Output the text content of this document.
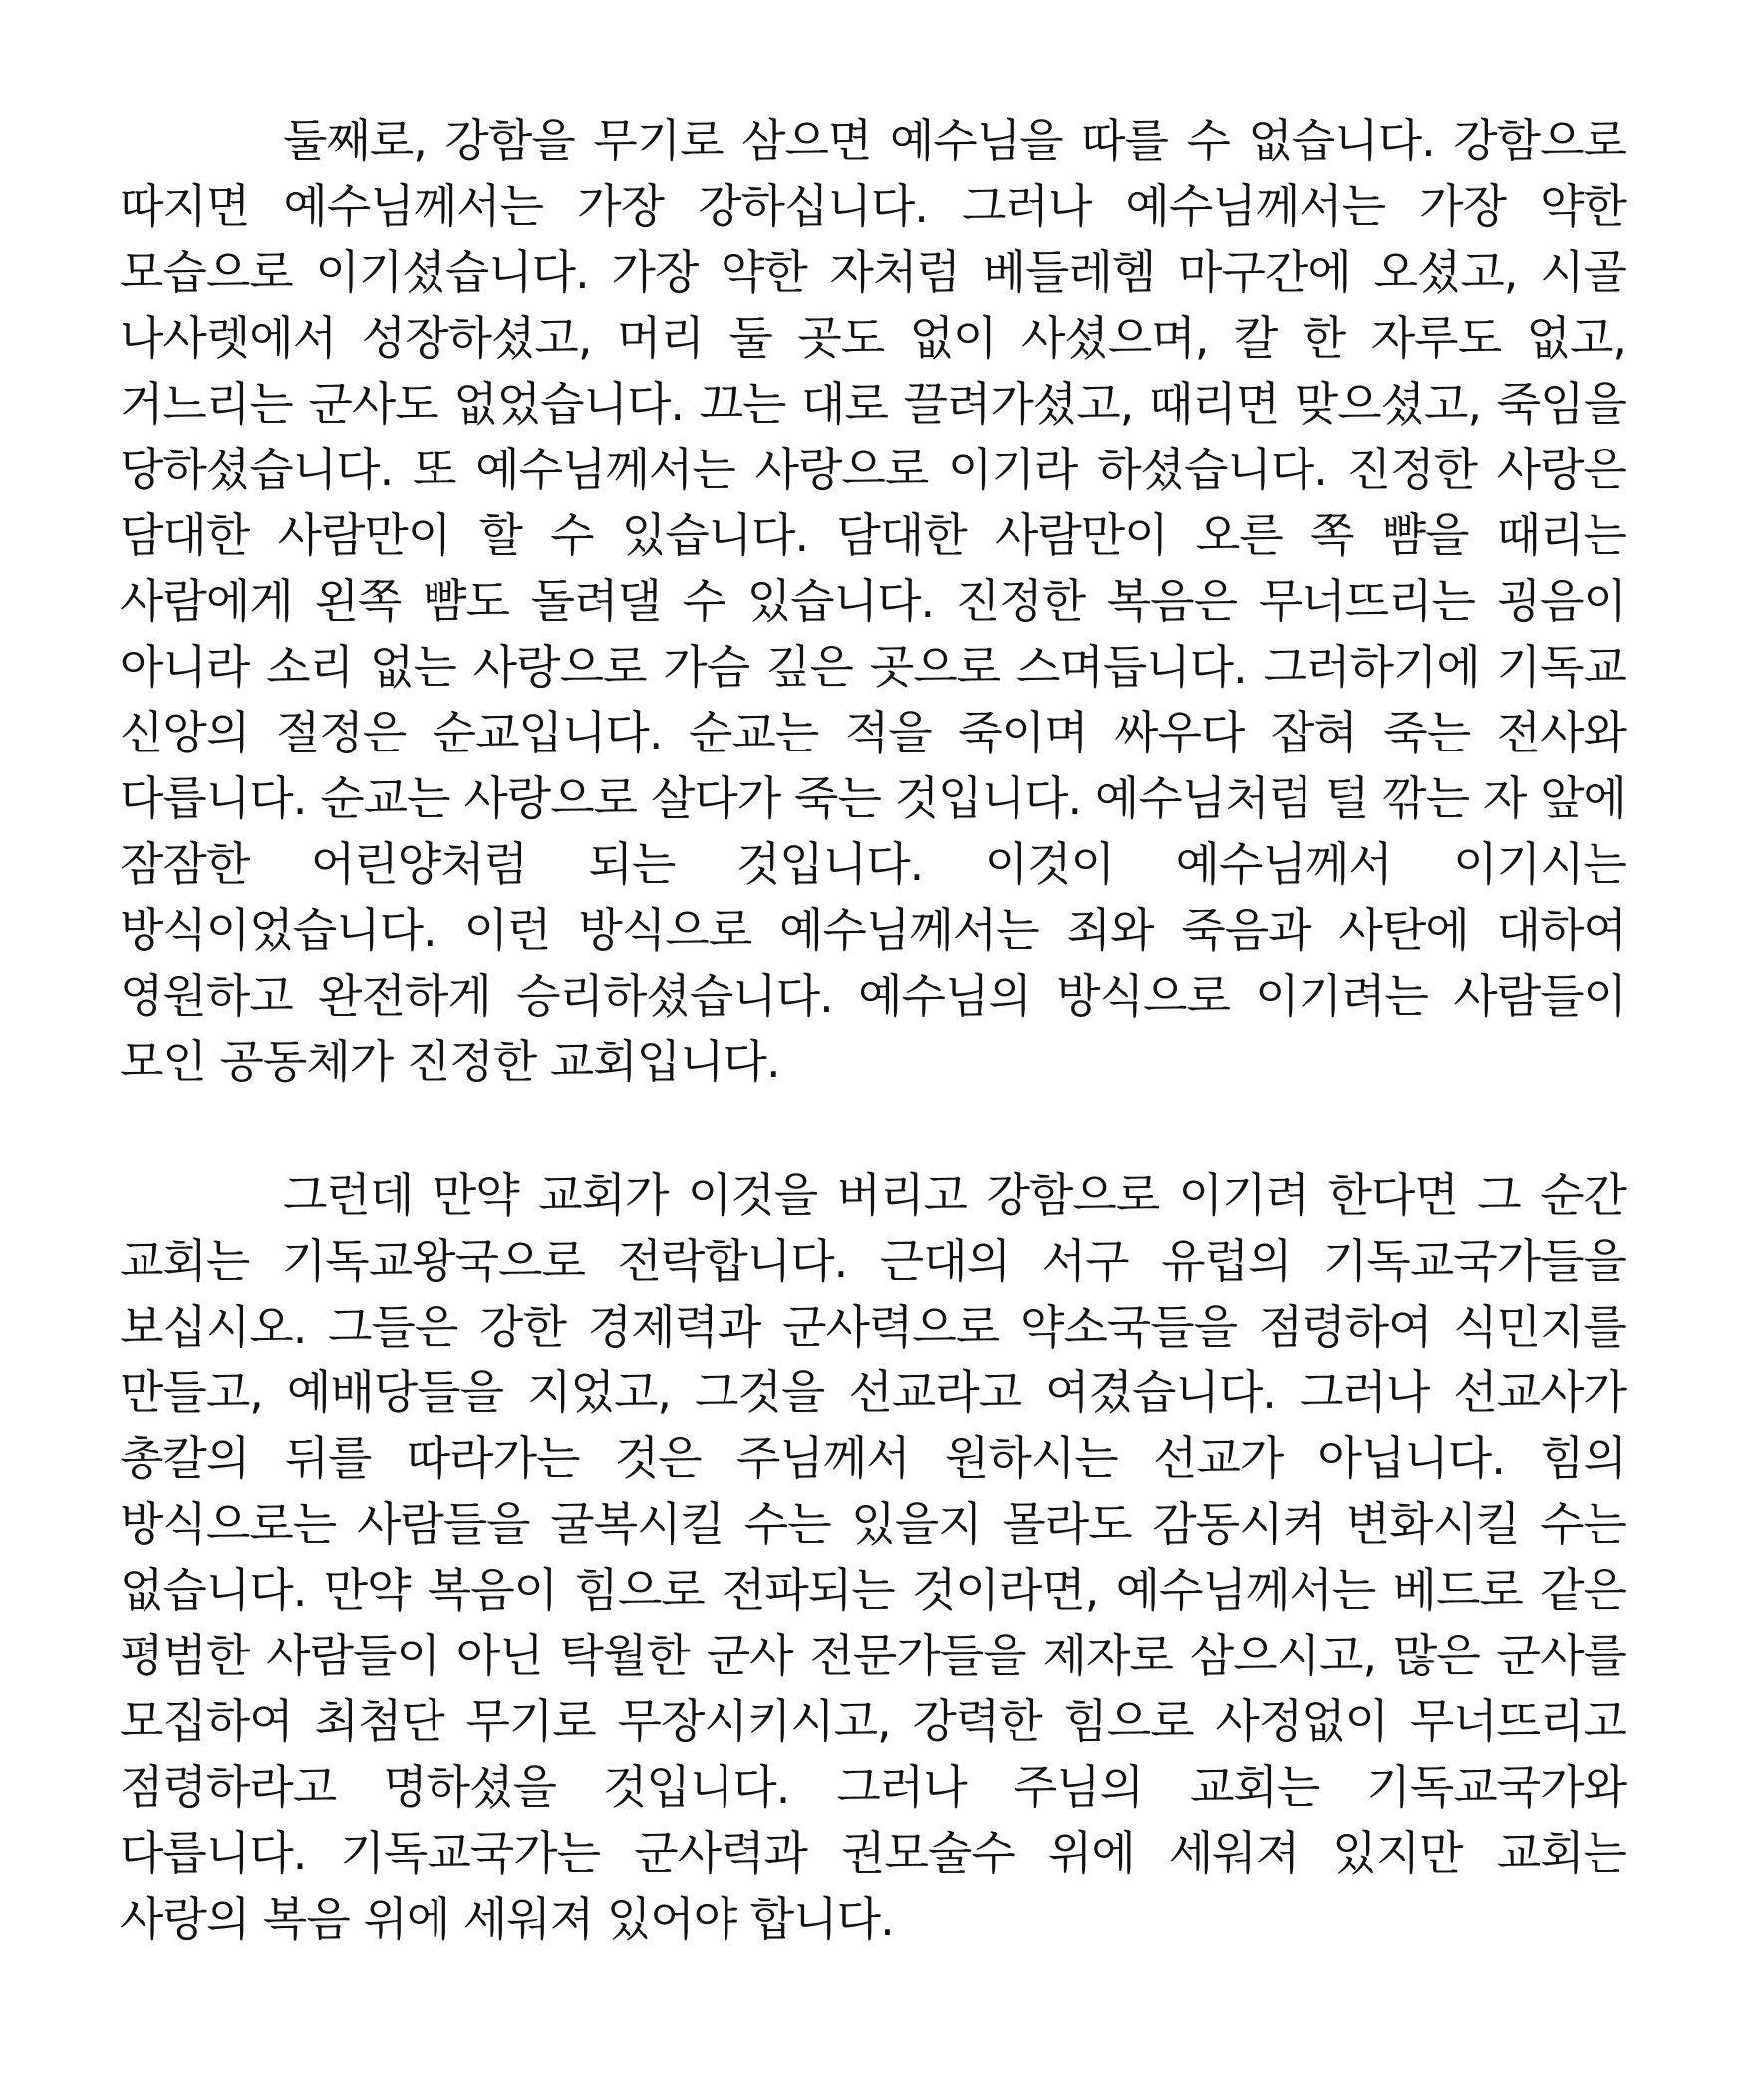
둘째로, 강함을 무기로 삼으면 예수님을 따를 수 없습니다. 강함으로 따지면 예수님께서는 가장 강하십니다. 그러나 예수님께서는 가장 약한 모습으로 이기셨습니다. 가장 약한 자처럼 베들레헴 마구간에 오셨고, 시골 나사렛에서 성장하셨고, 머리 둘 곳도 없이 사셨으며, 칼 한 자루도 없고, 거느리는 군사도 없었습니다. 끄는 대로 끌려가셨고, 때리면 맞으셨고, 죽임을 당하셨습니다. 또 예수님께서는 사랑으로 이기라 하셨습니다. 진정한 사랑은 담대한 사람만이 할 수 있습니다. 담대한 사람만이 오른 쪽 뺨을 때리는 사람에게 왼쪽 뺨도 돌려댈 수 있습니다. 진정한 복음은 무너뜨리는 굉음이 아니라 소리 없는 사랑으로 가슴 깊은 곳으로 스며듭니다. 그러하기에 기독교 신앙의 절정은 순교입니다. 순교는 적을 죽이며 싸우다 잡혀 죽는 전사와 다릅니다. 순교는 사랑으로 살다가 죽는 것입니다. 예수님처럼 털 깎는 자 앞에 잠잠한 어린양처럼 되는 것입니다. 이것이 예수님께서 이기시는 방식이었습니다. 이런 방식으로 예수님께서는 죄와 죽음과 사탄에 대하여 영원하고 완전하게 승리하셨습니다. 예수님의 방식으로 이기려는 사람들이 모인 공동체가 진정한 교회입니다.

그런데 만약 교회가 이것을 버리고 강함으로 이기려 한다면 그 순간 교회는 기독교왕국으로 전락합니다. 근대의 서구 유럽의 기독교국가들을 보십시오. 그들은 강한 경제력과 군사력으로 약소국들을 점령하여 식민지를 만들고, 예배당들을 지었고, 그것을 선교라고 여겼습니다. 그러나 선교사가 총칼의 뒤를 따라가는 것은 주님께서 원하시는 선교가 아닙니다. 힘의 방식으로는 사람들을 굴복시킬 수는 있을지 몰라도 감동시켜 변화시킬 수는 없습니다. 만약 복음이 힘으로 전파되는 것이라면, 예수님께서는 베드로 같은 평범한 사람들이 아닌 탁월한 군사 전문가들을 제자로 삼으시고, 많은 군사를 모집하여 최첨단 무기로 무장시키시고, 강력한 힘으로 사정없이 무너뜨리고 점령하라고 명하셨을 것입니다. 그러나 주님의 교회는 기독교국가와 다릅니다. 기독교국가는 군사력과 권모술수 위에 세워져 있지만 교회는 사랑의 복음 위에 세워져 있어야 합니다.
